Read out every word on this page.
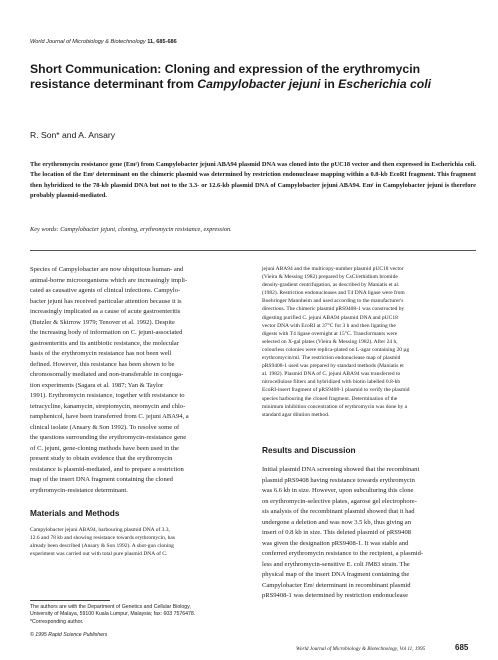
World Journal of Microbiology & Biotechnology 11, 685-686
Short Communication: Cloning and expression of the erythromycin
resistance determinant from Campylobacter jejuni in Escherichia coli
R. Son* and A. Ansary
The erythromycin resistance gene (Emʳ) from Campylobacter jejuni ABA94 plasmid DNA was cloned into the pUC18 vector and then expressed in Escherichia coli. The location of the Emʳ determinant on the chimeric plasmid was determined by restriction endonuclease mapping within a 0.8-kb EcoRI fragment. This fragment then hybridized to the 78-kb plasmid DNA but not to the 3.3- or 12.6-kb plasmid DNA of Campylobacter jejuni ABA94. Emʳ in Campylobacter jejuni is therefore probably plasmid-mediated.
Key words: Campylobacter jejuni, cloning, erythromycin resistance, expression.
Species of Campylobacter are now ubiquitous human- and
animal-borne microorganisms which are increasingly impli-
cated as causative agents of clinical infections. Campylo-
bacter jejuni has received particular attention because it is
increasingly implicated as a cause of acute gastroenteritis
(Butzler & Skirrow 1979; Tenover et al. 1992). Despite
the increasing body of information on C. jejuni-associated
gastroenteritis and its antibiotic resistance, the molecular
basis of the erythromycin resistance has not been well
defined. However, this resistance has been shown to be
chromosomally mediated and non-transferable in conjuga-
tion experiments (Sagara et al. 1987; Yan & Taylor
1991). Erythromycin resistance, together with resistance to
tetracycline, kanamycin, streptomycin, neomycin and chlo-
ramphenicol, have been transferred from C. jejuni ABA94, a
clinical isolate (Ansary & Son 1992). To resolve some of
the questions surrounding the erythromycin-resistance gene
of C. jejuni, gene-cloning methods have been used in the
present study to obtain evidence that the erythromycin
resistance is plasmid-mediated, and to prepare a restriction
map of the insert DNA fragment containing the cloned
erythromycin-resistance determinant.
Materials and Methods
Campylobacter jejuni ABA94, harbouring plasmid DNA of 3.3,
12.6 and 78 kb and showing resistance towards erythromycin, has
already been described (Ansary & Son 1992). A shot-gun cloning
experiment was carried out with total pure plasmid DNA of C.
The authors are with the Department of Genetics and Cellular Biology,
University of Malaya, 59100 Kuala Lumpur, Malaysia; fax: 603 7576478.
*Corresponding author.
© 1995 Rapid Science Publishers
jejuni ABA94 and the multicopy-number plasmid pUC18 vector
(Vieira & Messing 1982) prepared by CsCl/ethidium bromide
density-gradient centrifugation, as described by Maniatis et al.
(1982). Restriction endonucleases and T4 DNA ligase were from
Boehringer Mannheim and used according to the manufacturer's
directions. The chimeric plasmid pRS9408-1 was constructed by
digesting purified C. jejuni ABA94 plasmid DNA and pUC18
vector DNA with EcoRI at 37°C for 3 h and then ligating the
digests with T4 ligase overnight at 15°C. Transformants were
selected on X-gal plates (Vieira & Messing 1982). After 24 h,
colourless colonies were replica-plated on L-agar containing 20 μg
erythromycin/ml. The restriction endonuclease map of plasmid
pRS9408-1 used was prepared by standard methods (Maniatis et
al. 1982). Plasmid DNA of C. jejuni ABA94 was transferred to
nitrocellulose filters and hybridized with biotin labelled 0.8-kb
EcoRI-insert fragment of pRS9408-1 plasmid to verify the plasmid
species harbouring the cloned fragment. Determination of the
minimum inhibition concentration of erythromycin was done by a
standard agar dilution method.
Results and Discussion
Initial plasmid DNA screening showed that the recombinant
plasmid pRS9408 having resistance towards erythromycin
was 6.6 kb in size. However, upon subculturing this clone
on erythromycin-selective plates, agarose gel electrophore-
sis analysis of the recombinant plasmid showed that it had
undergone a deletion and was now 3.5 kb, thus giving an
insert of 0.8 kb in size. This deleted plasmid of pRS9408
was given the designation pRS9408-1. It was stable and
conferred erythromycin resistance to the recipient, a plasmid-
less and erythromycin-sensitive E. coli JM83 strain. The
physical map of the insert DNA fragment containing the
Campylobacter Emʳ determinant in recombinant plasmid
pRS9408-1 was determined by restriction endonuclease
World Journal of Microbiology & Biotechnology, Vol 11, 1995	685
